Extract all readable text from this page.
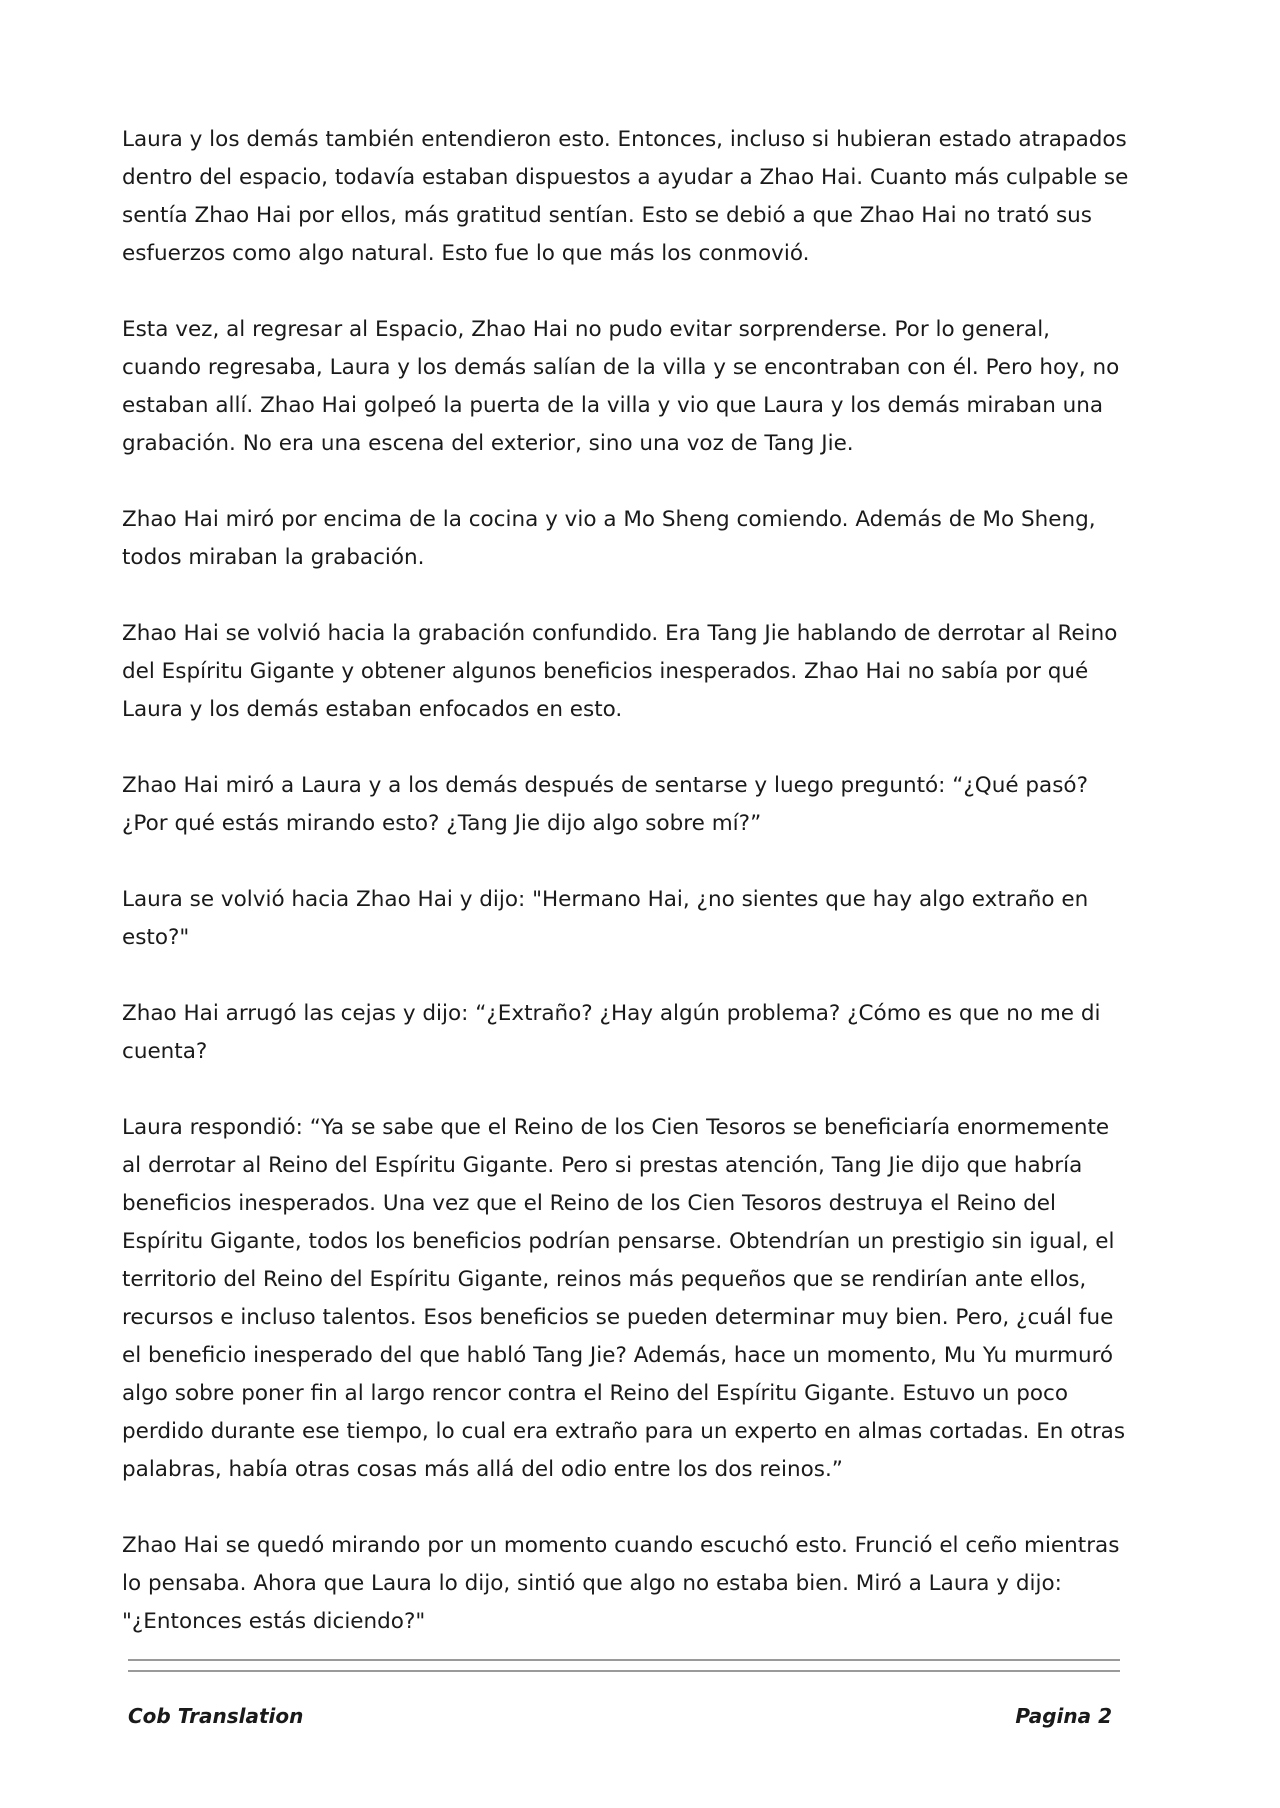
Laura y los demás también entendieron esto. Entonces, incluso si hubieran estado atrapados dentro del espacio, todavía estaban dispuestos a ayudar a Zhao Hai. Cuanto más culpable se sentía Zhao Hai por ellos, más gratitud sentían. Esto se debió a que Zhao Hai no trató sus esfuerzos como algo natural. Esto fue lo que más los conmovió.

Esta vez, al regresar al Espacio, Zhao Hai no pudo evitar sorprenderse. Por lo general, cuando regresaba, Laura y los demás salían de la villa y se encontraban con él. Pero hoy, no estaban allí. Zhao Hai golpeó la puerta de la villa y vio que Laura y los demás miraban una grabación. No era una escena del exterior, sino una voz de Tang Jie.

Zhao Hai miró por encima de la cocina y vio a Mo Sheng comiendo. Además de Mo Sheng, todos miraban la grabación.

Zhao Hai se volvió hacia la grabación confundido. Era Tang Jie hablando de derrotar al Reino del Espíritu Gigante y obtener algunos beneficios inesperados. Zhao Hai no sabía por qué Laura y los demás estaban enfocados en esto.

Zhao Hai miró a Laura y a los demás después de sentarse y luego preguntó: “¿Qué pasó? ¿Por qué estás mirando esto? ¿Tang Jie dijo algo sobre mí?”

Laura se volvió hacia Zhao Hai y dijo: "Hermano Hai, ¿no sientes que hay algo extraño en esto?"

Zhao Hai arrugó las cejas y dijo: “¿Extraño? ¿Hay algún problema? ¿Cómo es que no me di cuenta?

Laura respondió: “Ya se sabe que el Reino de los Cien Tesoros se beneficiaría enormemente al derrotar al Reino del Espíritu Gigante. Pero si prestas atención, Tang Jie dijo que habría beneficios inesperados. Una vez que el Reino de los Cien Tesoros destruya el Reino del Espíritu Gigante, todos los beneficios podrían pensarse. Obtendrían un prestigio sin igual, el territorio del Reino del Espíritu Gigante, reinos más pequeños que se rendirían ante ellos, recursos e incluso talentos. Esos beneficios se pueden determinar muy bien. Pero, ¿cuál fue el beneficio inesperado del que habló Tang Jie? Además, hace un momento, Mu Yu murmuró algo sobre poner fin al largo rencor contra el Reino del Espíritu Gigante. Estuvo un poco perdido durante ese tiempo, lo cual era extraño para un experto en almas cortadas. En otras palabras, había otras cosas más allá del odio entre los dos reinos.”

Zhao Hai se quedó mirando por un momento cuando escuchó esto. Frunció el ceño mientras lo pensaba. Ahora que Laura lo dijo, sintió que algo no estaba bien. Miró a Laura y dijo: "¿Entonces estás diciendo?"

Cob Translation	Pagina 2
